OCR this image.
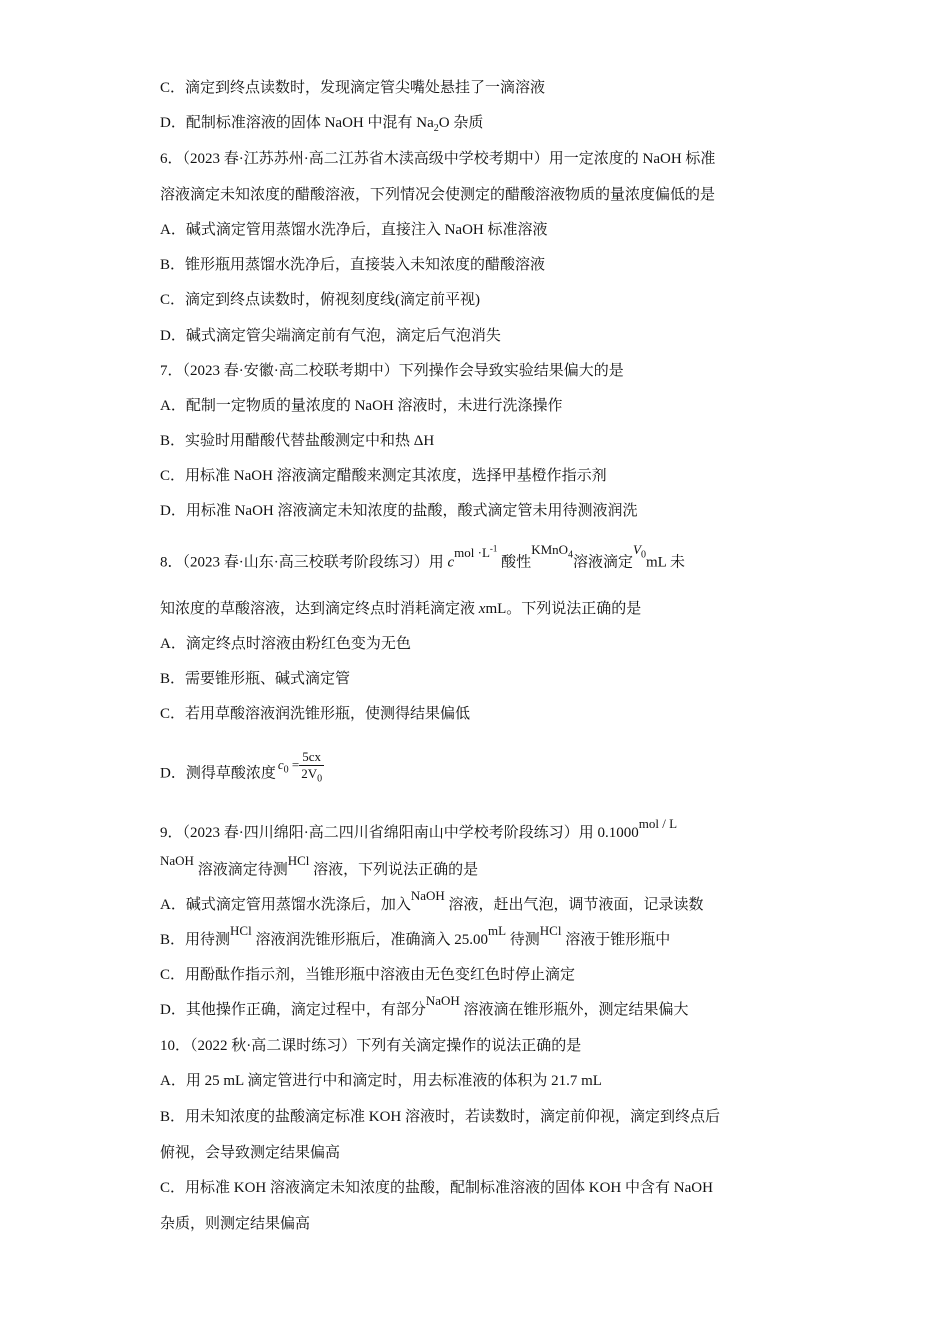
C．滴定到终点读数时，发现滴定管尖嘴处悬挂了一滴溶液
D．配制标准溶液的固体 NaOH 中混有 $Na_2O$ 杂质
6．（2023 春·江苏苏州·高二江苏省木渎高级中学校考期中）用一定浓度的 NaOH 标准
溶液滴定未知浓度的醋酸溶液，下列情况会使测定的醋酸溶液物质的量浓度偏低的是
A．碱式滴定管用蒸馏水洗净后，直接注入 NaOH 标准溶液
B．锥形瓶用蒸馏水洗净后，直接装入未知浓度的醋酸溶液
C．滴定到终点读数时，俯视刻度线(滴定前平视)
D．碱式滴定管尖端滴定前有气泡，滴定后气泡消失
7．（2023 春·安徽·高二校联考期中）下列操作会导致实验结果偏大的是
A．配制一定物质的量浓度的 NaOH 溶液时，未进行洗涤操作
B．实验时用醋酸代替盐酸测定中和热 ΔH
C．用标准 NaOH 溶液滴定醋酸来测定其浓度，选择甲基橙作指示剂
D．用标准 NaOH 溶液滴定未知浓度的盐酸，酸式滴定管未用待测液润洗
8．（2023 春·山东·高三校联考阶段练习）用 cmol $\cdot L^{-1}$ 酸性KMnO$_4$溶液滴定$V_0mL$ 未
知浓度的草酸溶液，达到滴定终点时消耗滴定液 xmL。下列说法正确的是
A．滴定终点时溶液由粉红色变为无色
B．需要锥形瓶、碱式滴定管
C．若用草酸溶液润洗锥形瓶，使测得结果偏低
D．测得草酸浓度$c_0 = \frac{5cx}{2V_0}$
9．（2023 春·四川绵阳·高二四川省绵阳南山中学校考阶段练习）用 0.1000mol / L
NaOH 溶液滴定待测HCl 溶液，下列说法正确的是
A．碱式滴定管用蒸馏水洗涤后，加入NaOH 溶液，赶出气泡，调节液面，记录读数
B．用待测HCl 溶液润洗锥形瓶后，准确滴入 25.00mL 待测HCl 溶液于锥形瓶中
C．用酚酞作指示剂，当锥形瓶中溶液由无色变红色时停止滴定
D．其他操作正确，滴定过程中，有部分NaOH 溶液滴在锥形瓶外，测定结果偏大
10．（2022 秋·高二课时练习）下列有关滴定操作的说法正确的是
A．用 25 mL 滴定管进行中和滴定时，用去标准液的体积为 21.7 mL
B．用未知浓度的盐酸滴定标准 KOH 溶液时，若读数时，滴定前仰视，滴定到终点后
俯视，会导致测定结果偏高
C．用标准 KOH 溶液滴定未知浓度的盐酸，配制标准溶液的固体 KOH 中含有 NaOH
杂质，则测定结果偏高
